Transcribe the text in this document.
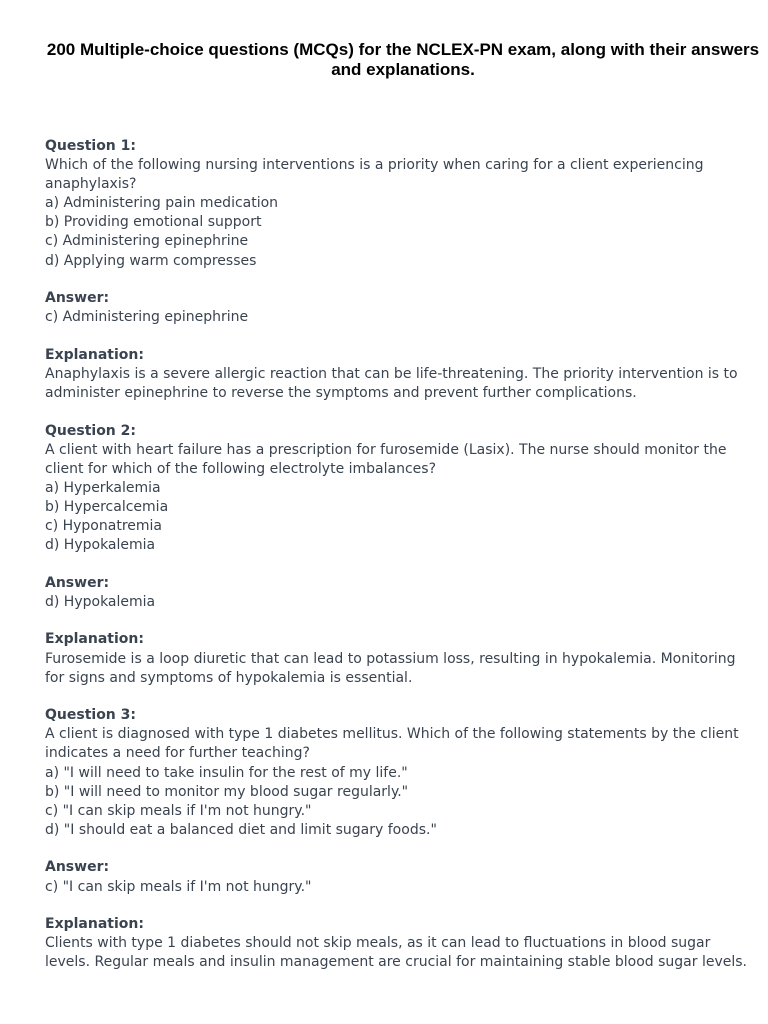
200 Multiple-choice questions (MCQs) for the NCLEX-PN exam, along with their answers and explanations.
Question 1:
Which of the following nursing interventions is a priority when caring for a client experiencing
anaphylaxis?
a) Administering pain medication
b) Providing emotional support
c) Administering epinephrine
d) Applying warm compresses
Answer:
c) Administering epinephrine
Explanation:
Anaphylaxis is a severe allergic reaction that can be life-threatening. The priority intervention is to
administer epinephrine to reverse the symptoms and prevent further complications.
Question 2:
A client with heart failure has a prescription for furosemide (Lasix). The nurse should monitor the
client for which of the following electrolyte imbalances?
a) Hyperkalemia
b) Hypercalcemia
c) Hyponatremia
d) Hypokalemia
Answer:
d) Hypokalemia
Explanation:
Furosemide is a loop diuretic that can lead to potassium loss, resulting in hypokalemia. Monitoring
for signs and symptoms of hypokalemia is essential.
Question 3:
A client is diagnosed with type 1 diabetes mellitus. Which of the following statements by the client
indicates a need for further teaching?
a) "I will need to take insulin for the rest of my life."
b) "I will need to monitor my blood sugar regularly."
c) "I can skip meals if I'm not hungry."
d) "I should eat a balanced diet and limit sugary foods."
Answer:
c) "I can skip meals if I'm not hungry."
Explanation:
Clients with type 1 diabetes should not skip meals, as it can lead to fluctuations in blood sugar
levels. Regular meals and insulin management are crucial for maintaining stable blood sugar levels.
